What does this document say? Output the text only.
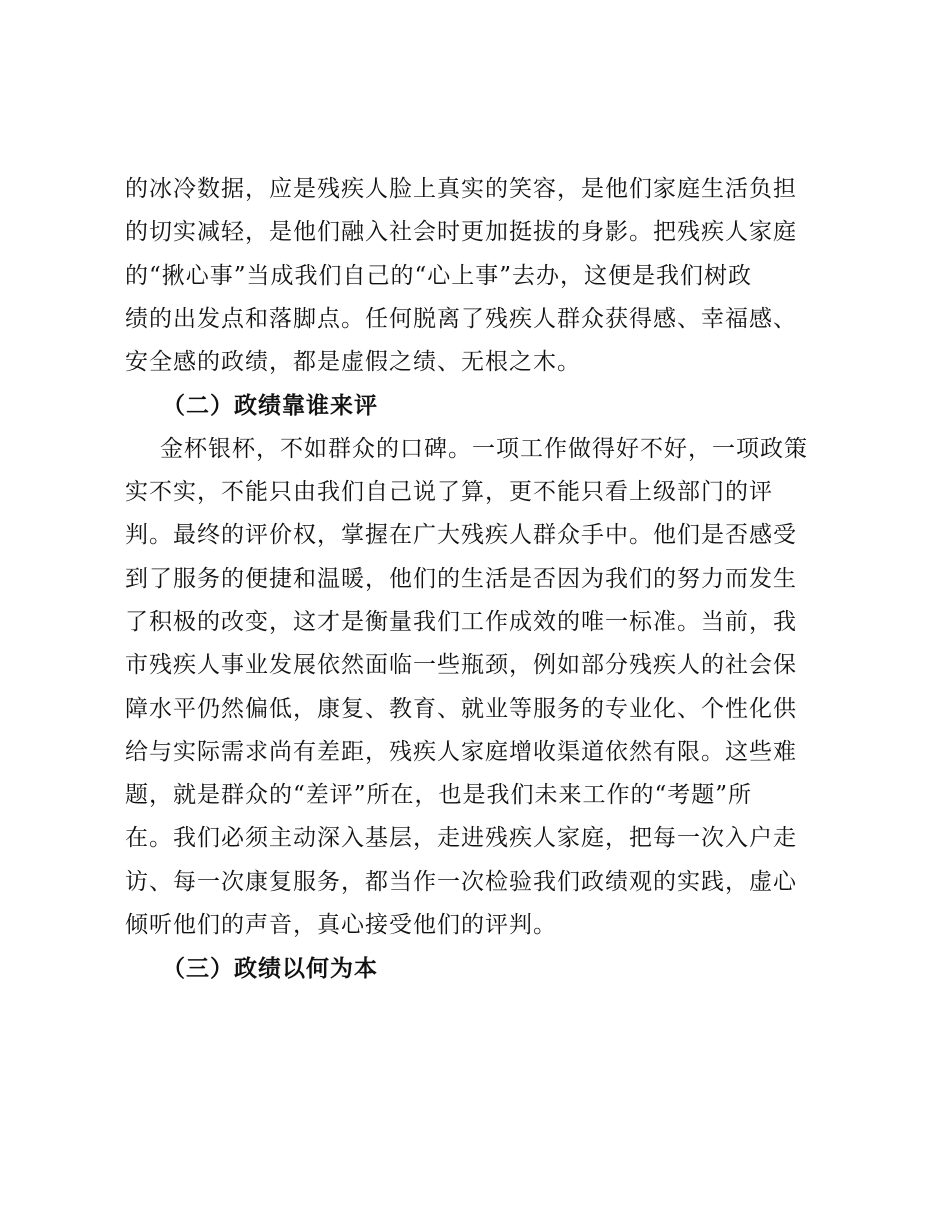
的冰冷数据，应是残疾人脸上真实的笑容，是他们家庭生活负担
的切实减轻，是他们融入社会时更加挺拔的身影。把残疾人家庭
的“揪心事”当成我们自己的“心上事”去办，这便是我们树政
绩的出发点和落脚点。任何脱离了残疾人群众获得感、幸福感、
安全感的政绩，都是虚假之绩、无根之木。

（二）政绩靠谁来评

金杯银杯，不如群众的口碑。一项工作做得好不好，一项政策
实不实，不能只由我们自己说了算，更不能只看上级部门的评
判。最终的评价权，掌握在广大残疾人群众手中。他们是否感受
到了服务的便捷和温暖，他们的生活是否因为我们的努力而发生
了积极的改变，这才是衡量我们工作成效的唯一标准。当前，我
市残疾人事业发展依然面临一些瓶颈，例如部分残疾人的社会保
障水平仍然偏低，康复、教育、就业等服务的专业化、个性化供
给与实际需求尚有差距，残疾人家庭增收渠道依然有限。这些难
题，就是群众的“差评”所在，也是我们未来工作的“考题”所
在。我们必须主动深入基层，走进残疾人家庭，把每一次入户走
访、每一次康复服务，都当作一次检验我们政绩观的实践，虚心
倾听他们的声音，真心接受他们的评判。

（三）政绩以何为本
